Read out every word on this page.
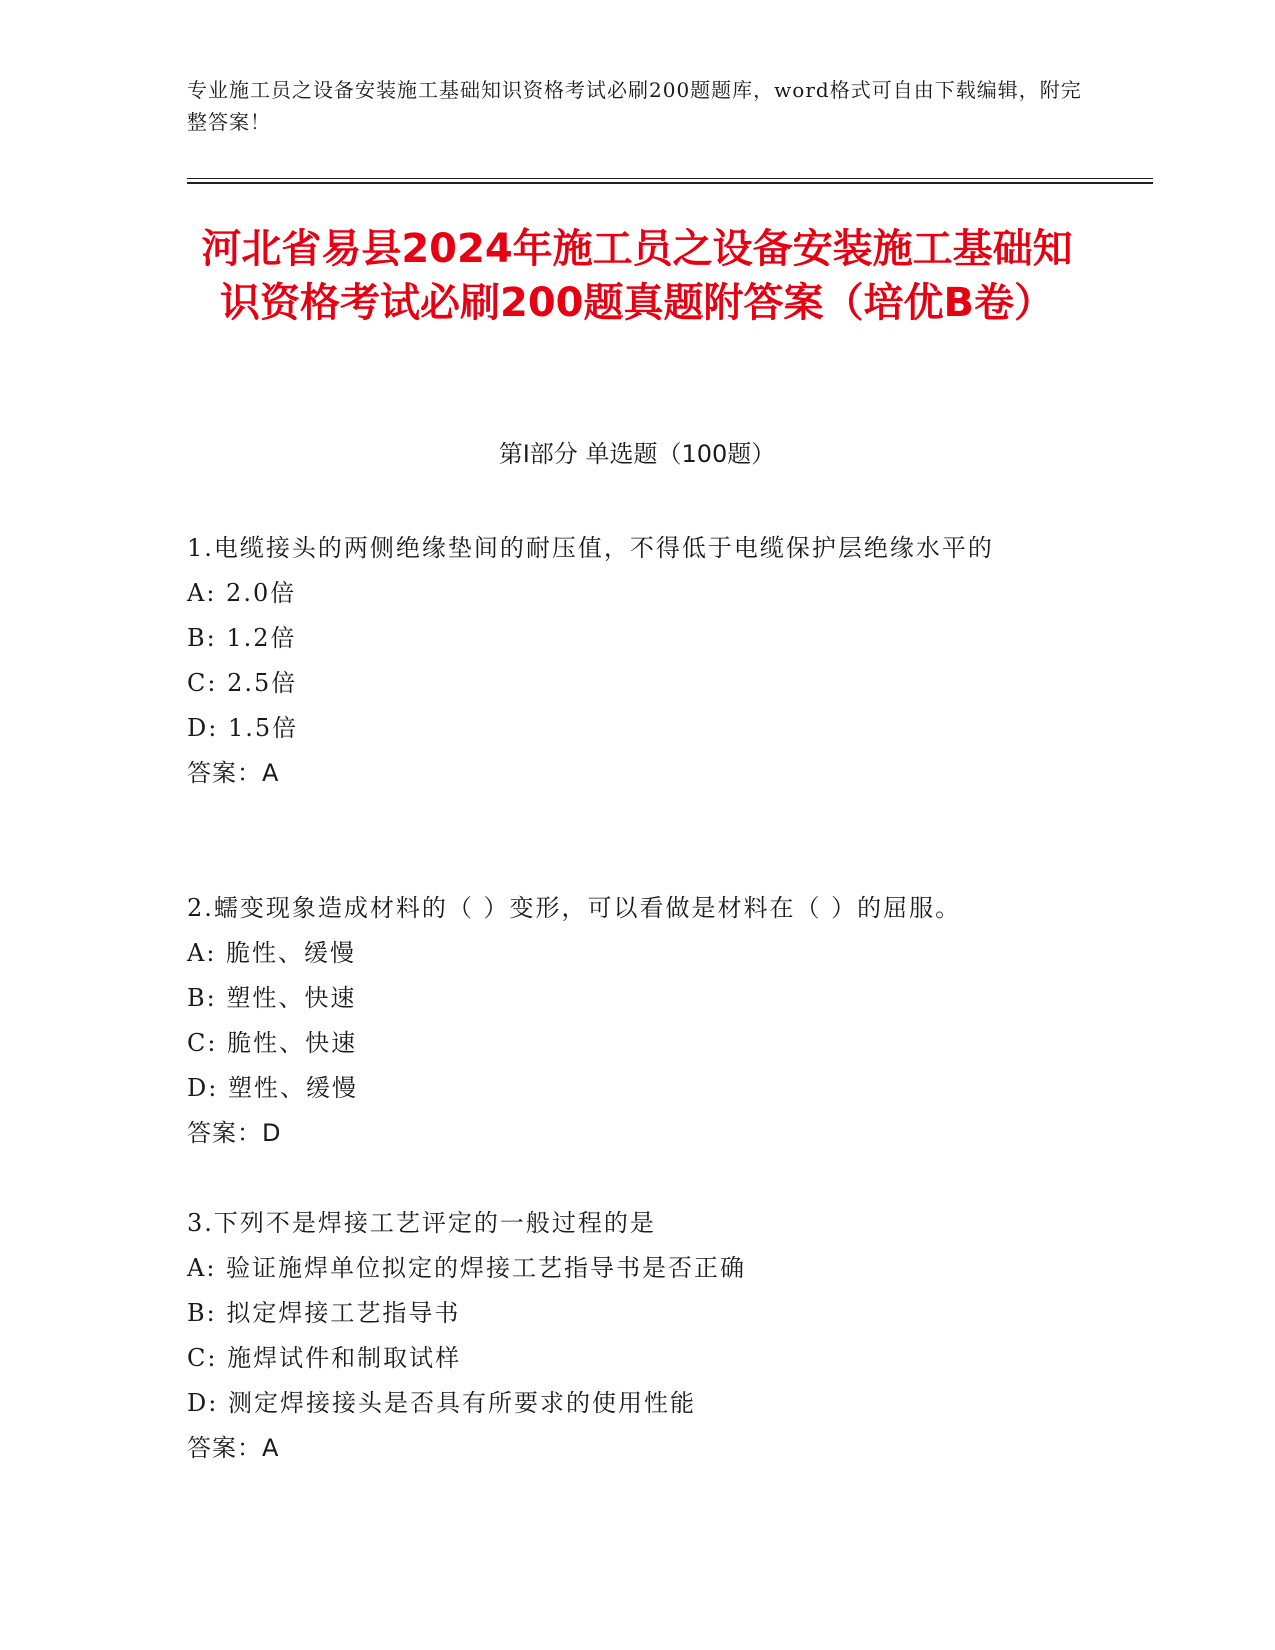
专业施工员之设备安装施工基础知识资格考试必刷200题题库，word格式可自由下载编辑，附完整答案！
河北省易县2024年施工员之设备安装施工基础知识资格考试必刷200题真题附答案（培优B卷）
第I部分 单选题（100题）
1.电缆接头的两侧绝缘垫间的耐压值，不得低于电缆保护层绝缘水平的
A: 2.0倍
B: 1.2倍
C: 2.5倍
D: 1.5倍
答案：A
2.蠕变现象造成材料的（ ）变形，可以看做是材料在（ ）的屈服。
A: 脆性、缓慢
B: 塑性、快速
C: 脆性、快速
D: 塑性、缓慢
答案：D
3.下列不是焊接工艺评定的一般过程的是
A: 验证施焊单位拟定的焊接工艺指导书是否正确
B: 拟定焊接工艺指导书
C: 施焊试件和制取试样
D: 测定焊接接头是否具有所要求的使用性能
答案：A
